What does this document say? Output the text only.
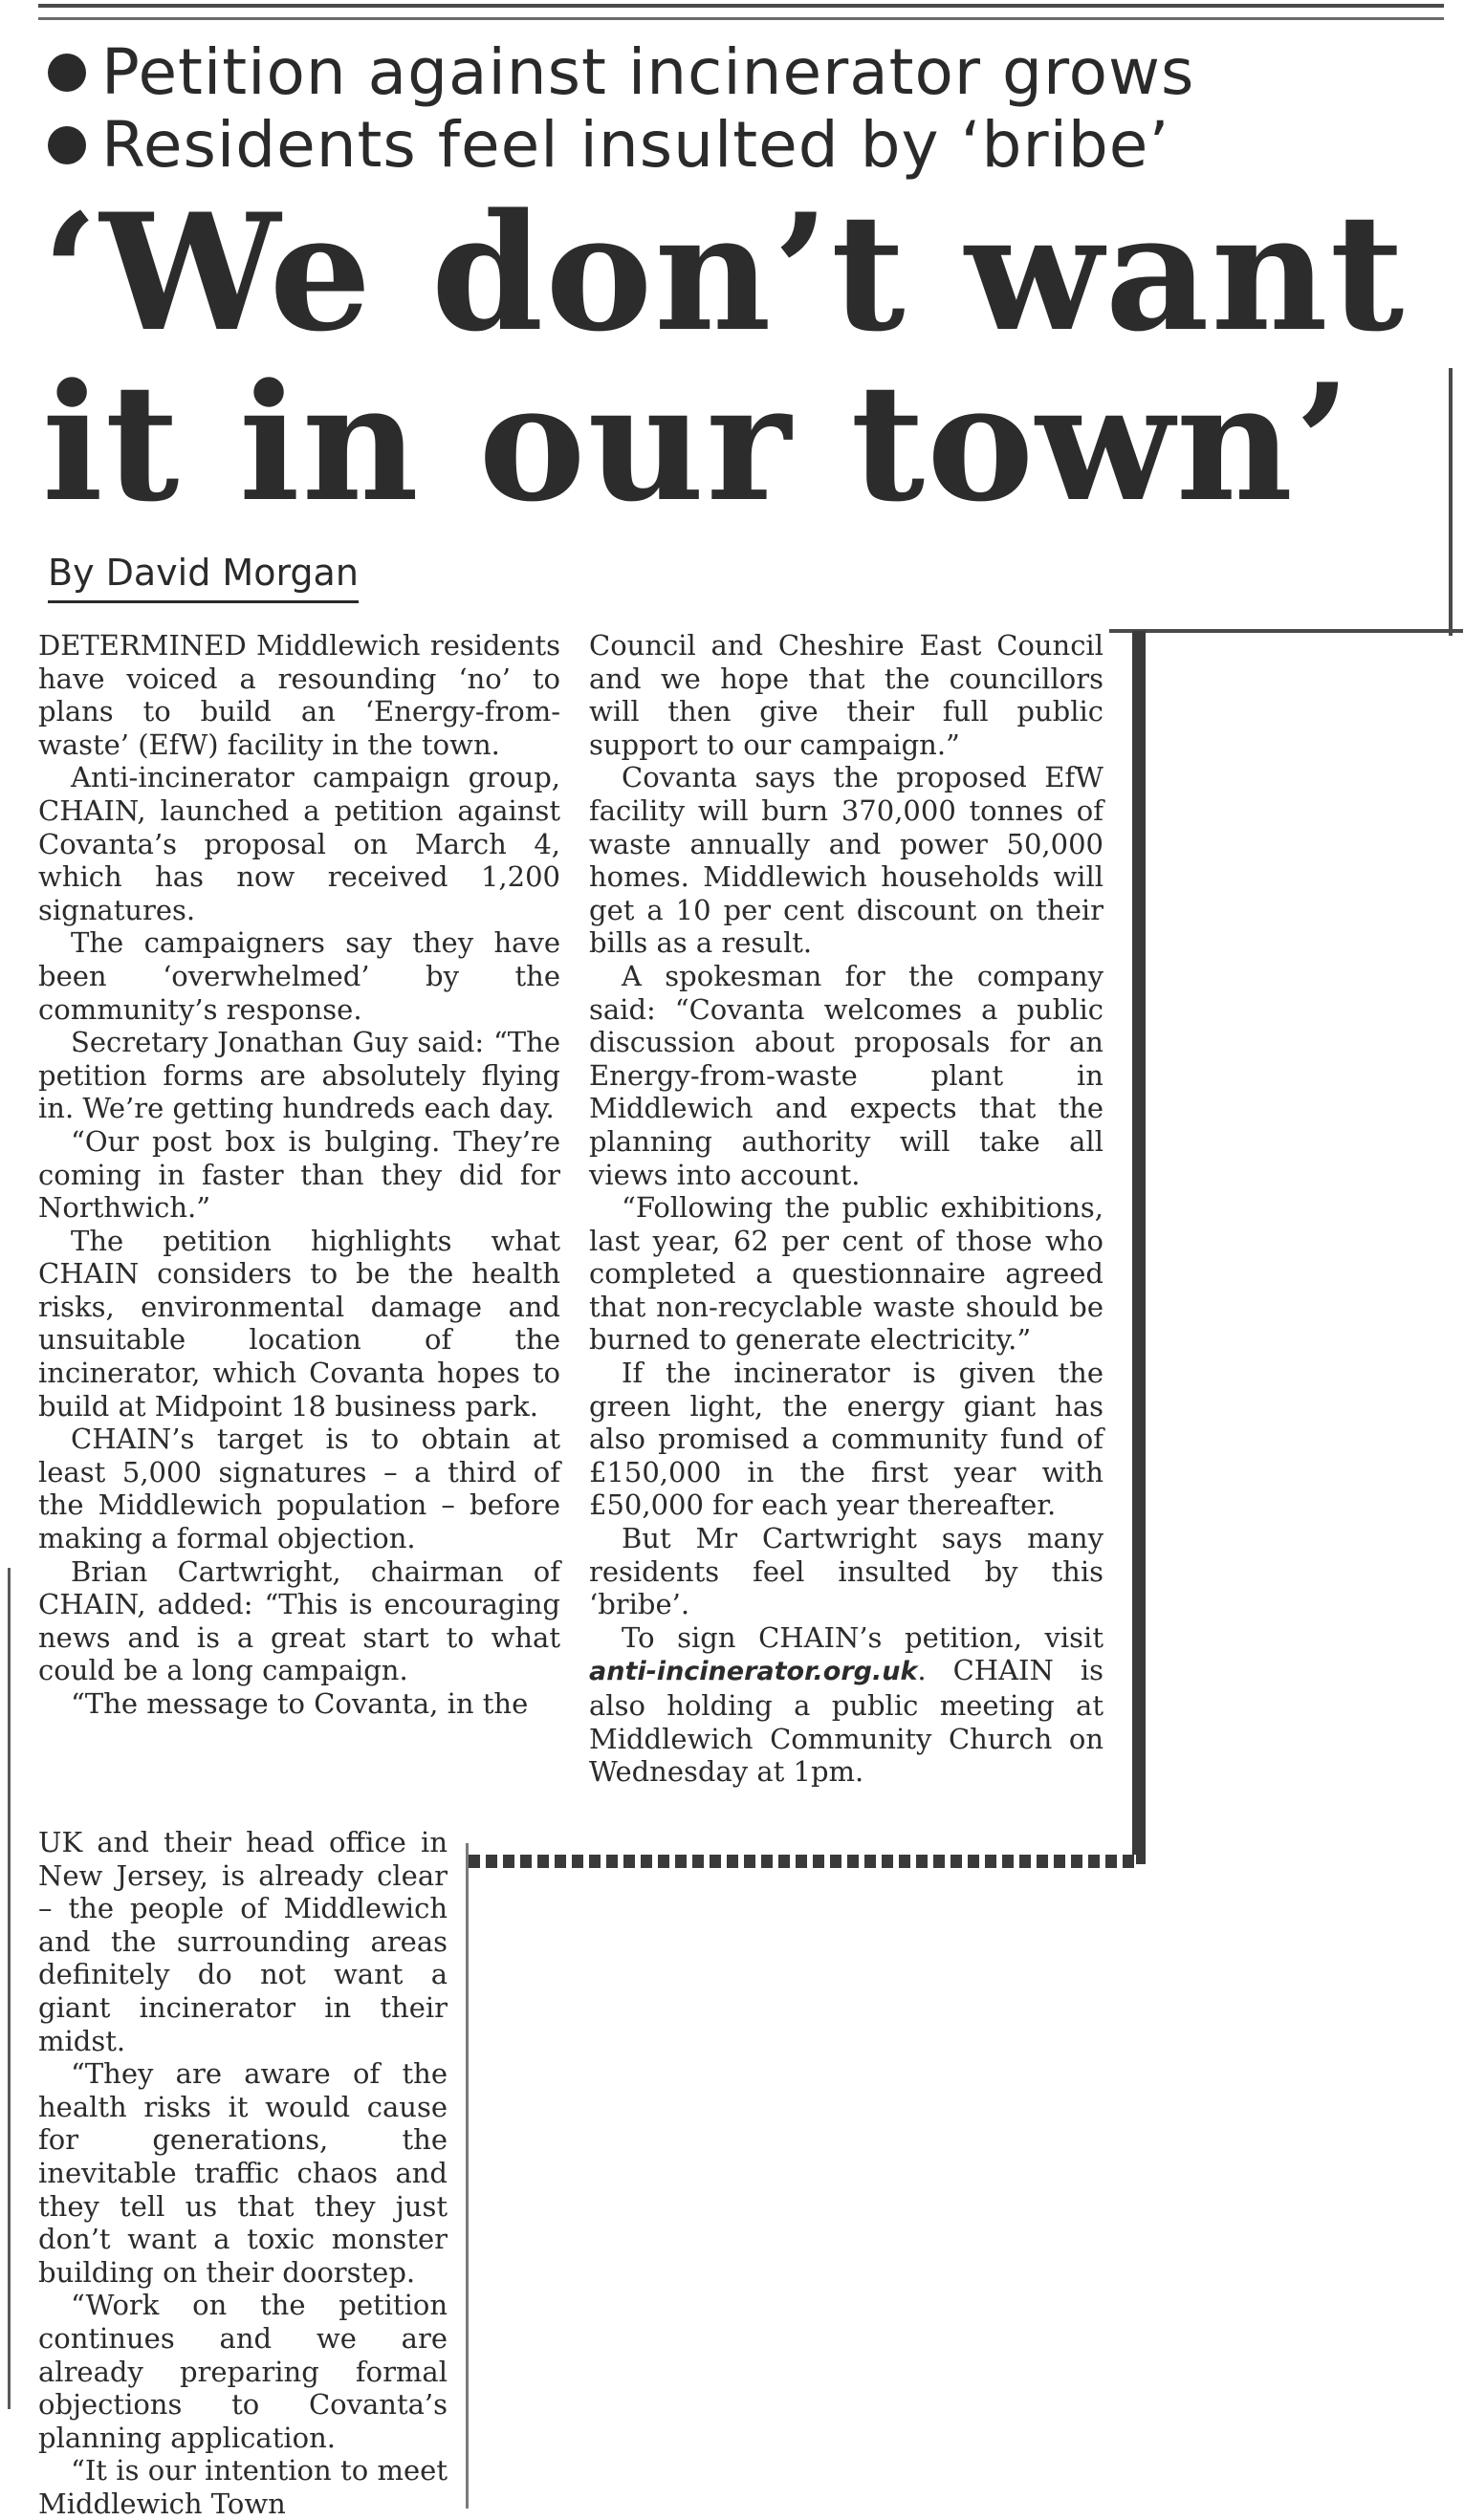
Petition against incinerator grows
Residents feel insulted by ‘bribe’
‘We don’t want
it in our town’
By David Morgan

DETERMINED Middlewich residents have voiced a resounding ‘no’ to plans to build an ‘Energy-from-waste’ (EfW) facility in the town.

Anti-incinerator campaign group, CHAIN, launched a petition against Covanta’s proposal on March 4, which has now received 1,200 signatures.

The campaigners say they have been ‘overwhelmed’ by the community’s response.

Secretary Jonathan Guy said: “The petition forms are absolutely flying in. We’re getting hundreds each day.

“Our post box is bulging. They’re coming in faster than they did for Northwich.”

The petition highlights what CHAIN considers to be the health risks, environmental damage and unsuitable location of the incinerator, which Covanta hopes to build at Midpoint 18 business park.

CHAIN’s target is to obtain at least 5,000 signatures – a third of the Middlewich population – before making a formal objection.

Brian Cartwright, chairman of CHAIN, added: “This is encouraging news and is a great start to what could be a long campaign.

“The message to Covanta, in the

UK and their head office in New Jersey, is already clear – the people of Middlewich and the surrounding areas definitely do not want a giant incinerator in their midst.

“They are aware of the health risks it would cause for generations, the inevitable traffic chaos and they tell us that they just don’t want a toxic monster building on their doorstep.

“Work on the petition continues and we are already preparing formal objections to Covanta’s planning application.

“It is our intention to meet Middlewich Town

Council and Cheshire East Council and we hope that the councillors will then give their full public support to our campaign.”

Covanta says the proposed EfW facility will burn 370,000 tonnes of waste annually and power 50,000 homes. Middlewich households will get a 10 per cent discount on their bills as a result.

A spokesman for the company said: “Covanta welcomes a public discussion about proposals for an Energy-from-waste plant in Middlewich and expects that the planning authority will take all views into account.

“Following the public exhibitions, last year, 62 per cent of those who completed a questionnaire agreed that non-recyclable waste should be burned to generate electricity.”

If the incinerator is given the green light, the energy giant has also promised a community fund of £150,000 in the first year with £50,000 for each year thereafter.

But Mr Cartwright says many residents feel insulted by this ‘bribe’.

To sign CHAIN’s petition, visit anti-incinerator.org.uk. CHAIN is also holding a public meeting at Middlewich Community Church on Wednesday at 1pm.
